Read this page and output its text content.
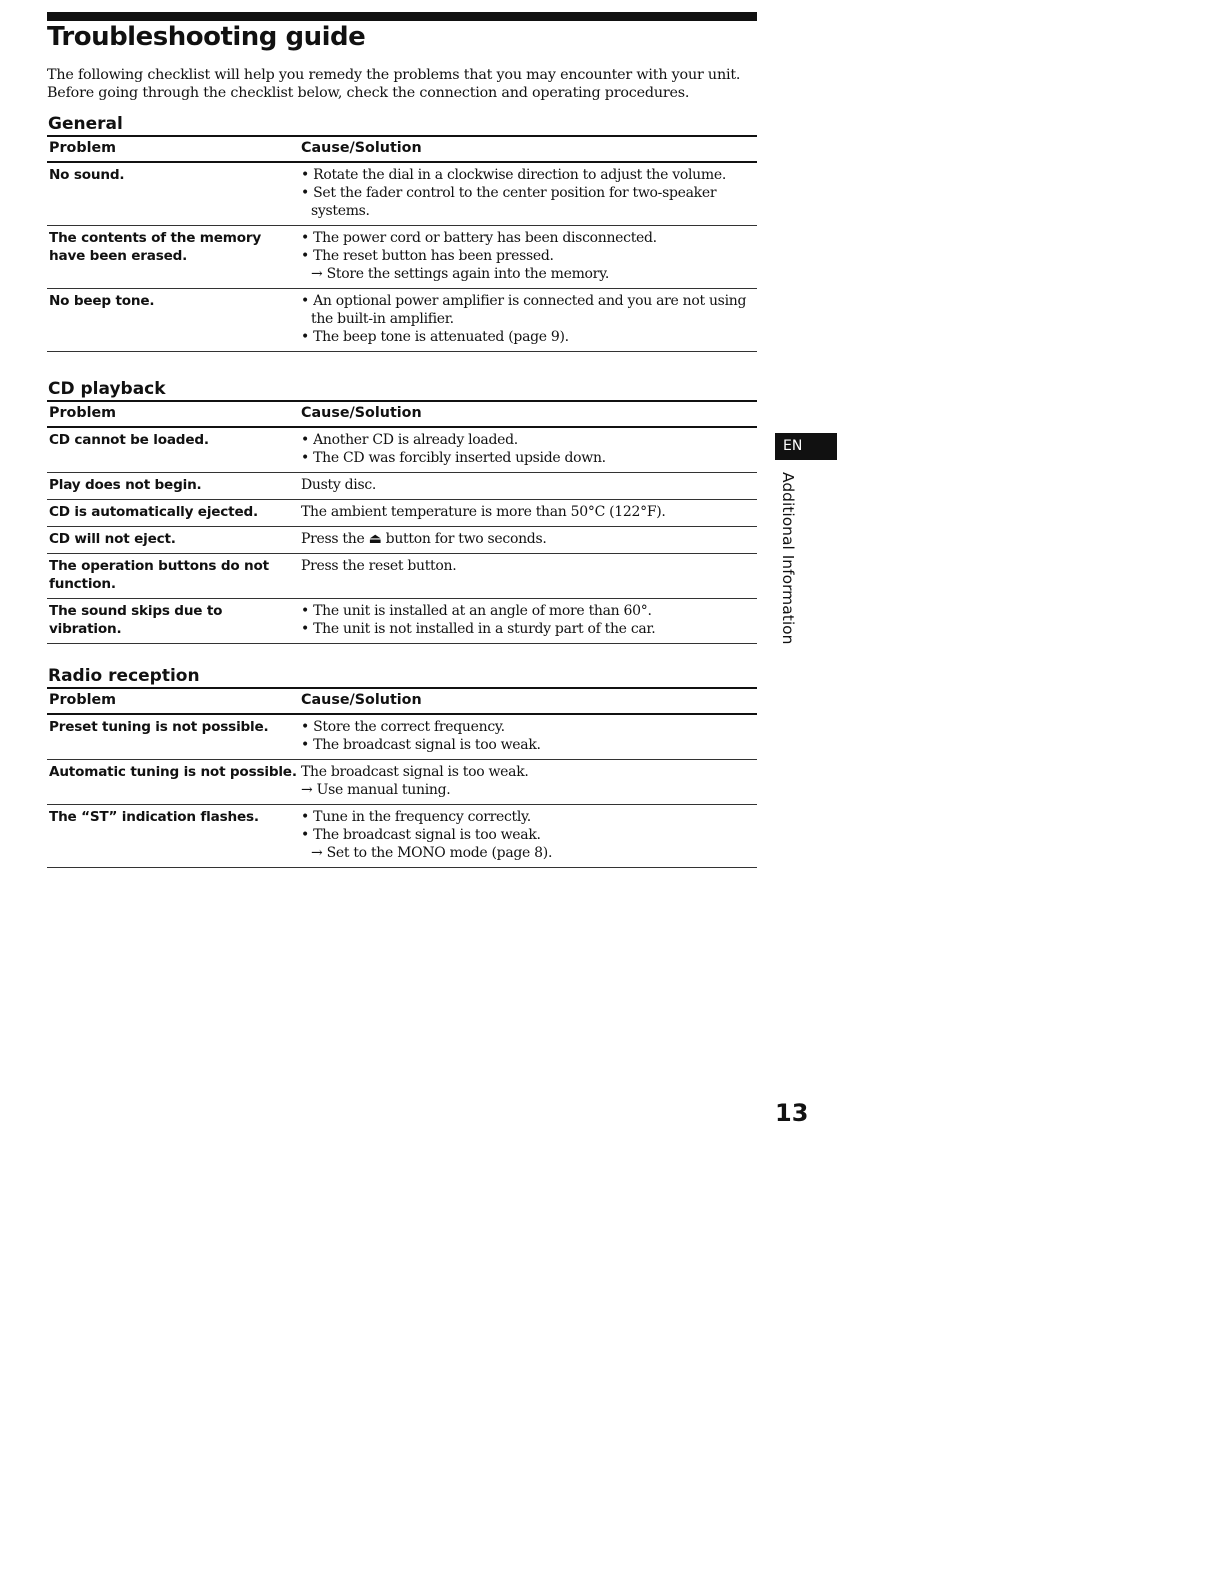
Troubleshooting guide

The following checklist will help you remedy the problems that you may encounter with your unit.
Before going through the checklist below, check the connection and operating procedures.

General
Problem	Cause/Solution
No sound.	• Rotate the dial in a clockwise direction to adjust the volume.
• Set the fader control to the center position for two-speaker systems.

The contents of the memory have been erased.	• The power cord or battery has been disconnected.
• The reset button has been pressed.
→ Store the settings again into the memory.

No beep tone.	• An optional power amplifier is connected and you are not using the built-in amplifier.
• The beep tone is attenuated (page 9).
CD playback
Problem	Cause/Solution
CD cannot be loaded.	• Another CD is already loaded.
• The CD was forcibly inserted upside down.

Play does not begin.	Dusty disc.

CD is automatically ejected.	The ambient temperature is more than 50°C (122°F).

CD will not eject.	Press the ⏏ button for two seconds.

The operation buttons do not function.	Press the reset button.

The sound skips due to vibration.	• The unit is installed at an angle of more than 60°.
• The unit is not installed in a sturdy part of the car.
Radio reception
Problem	Cause/Solution
Preset tuning is not possible.	• Store the correct frequency.
• The broadcast signal is too weak.

Automatic tuning is not possible.	The broadcast signal is too weak.
→ Use manual tuning.

The “ST” indication flashes.	• Tune in the frequency correctly.
• The broadcast signal is too weak.
→ Set to the MONO mode (page 8).
EN
Additional Information
13
